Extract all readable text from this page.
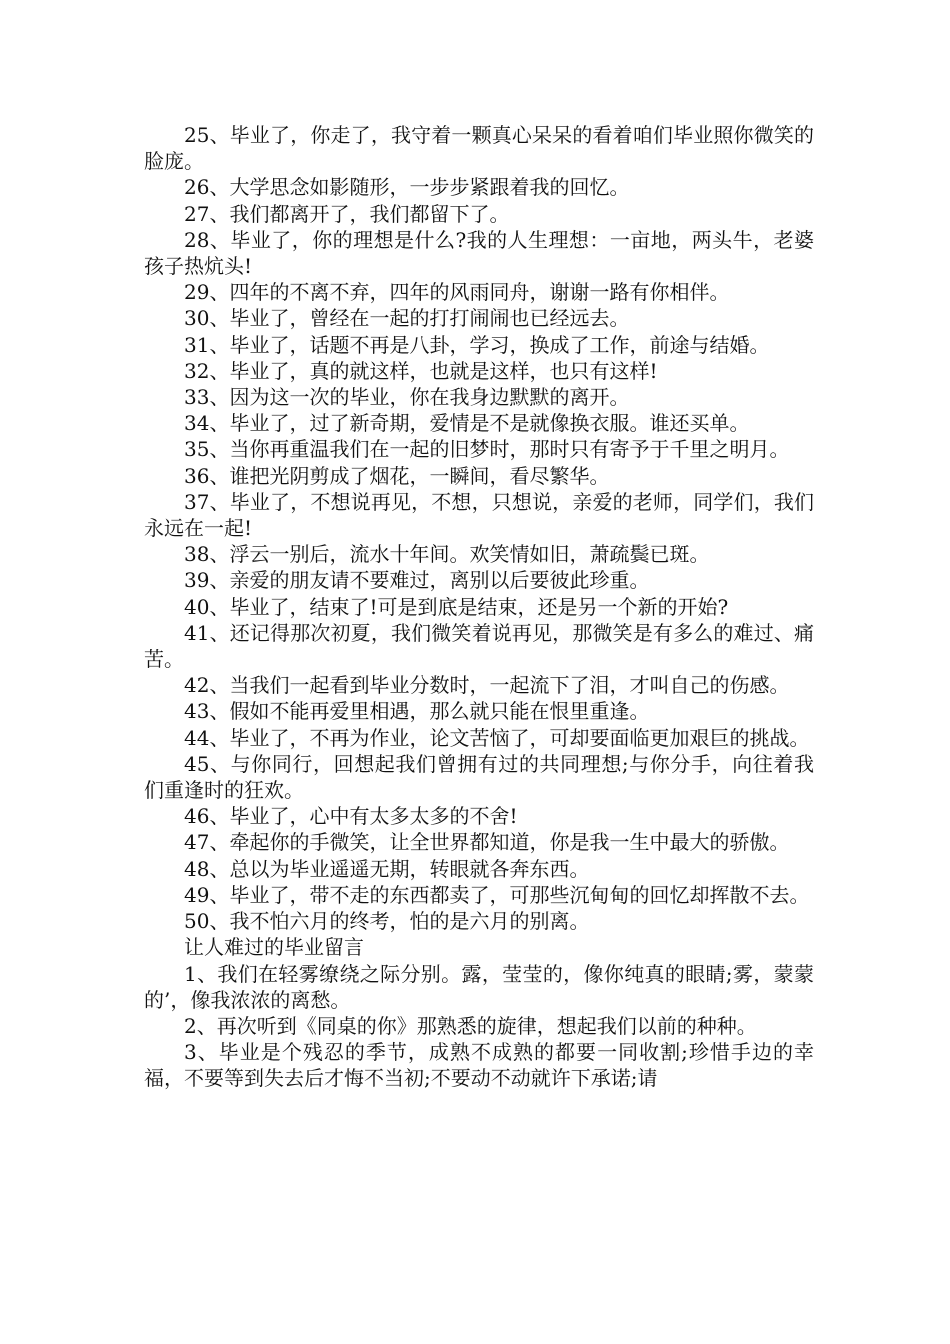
25、毕业了，你走了，我守着一颗真心呆呆的看着咱们毕业照你微笑的脸庞。

26、大学思念如影随形，一步步紧跟着我的回忆。

27、我们都离开了，我们都留下了。

28、毕业了，你的理想是什么?我的人生理想：一亩地，两头牛，老婆孩子热炕头!

29、四年的不离不弃，四年的风雨同舟，谢谢一路有你相伴。

30、毕业了，曾经在一起的打打闹闹也已经远去。

31、毕业了，话题不再是八卦，学习，换成了工作，前途与结婚。

32、毕业了，真的就这样，也就是这样，也只有这样!

33、因为这一次的毕业，你在我身边默默的离开。

34、毕业了，过了新奇期，爱情是不是就像换衣服。谁还买单。

35、当你再重温我们在一起的旧梦时，那时只有寄予于千里之明月。

36、谁把光阴剪成了烟花，一瞬间，看尽繁华。

37、毕业了，不想说再见，不想，只想说，亲爱的老师，同学们，我们永远在一起!

38、浮云一别后，流水十年间。欢笑情如旧，萧疏鬓已斑。

39、亲爱的朋友请不要难过，离别以后要彼此珍重。

40、毕业了，结束了!可是到底是结束，还是另一个新的开始?

41、还记得那次初夏，我们微笑着说再见，那微笑是有多么的难过、痛苦。

42、当我们一起看到毕业分数时，一起流下了泪，才叫自己的伤感。

43、假如不能再爱里相遇，那么就只能在恨里重逢。

44、毕业了，不再为作业，论文苦恼了，可却要面临更加艰巨的挑战。

45、与你同行，回想起我们曾拥有过的共同理想;与你分手，向往着我们重逢时的狂欢。

46、毕业了，心中有太多太多的不舍!

47、牵起你的手微笑，让全世界都知道，你是我一生中最大的骄傲。

48、总以为毕业遥遥无期，转眼就各奔东西。

49、毕业了，带不走的东西都卖了，可那些沉甸甸的回忆却挥散不去。

50、我不怕六月的终考，怕的是六月的别离。

让人难过的毕业留言

1、我们在轻雾缭绕之际分别。露，莹莹的，像你纯真的眼睛;雾，蒙蒙的’，像我浓浓的离愁。

2、再次听到《同桌的你》那熟悉的旋律，想起我们以前的种种。

3、毕业是个残忍的季节，成熟不成熟的都要一同收割;珍惜手边的幸福，不要等到失去后才悔不当初;不要动不动就许下承诺;请
